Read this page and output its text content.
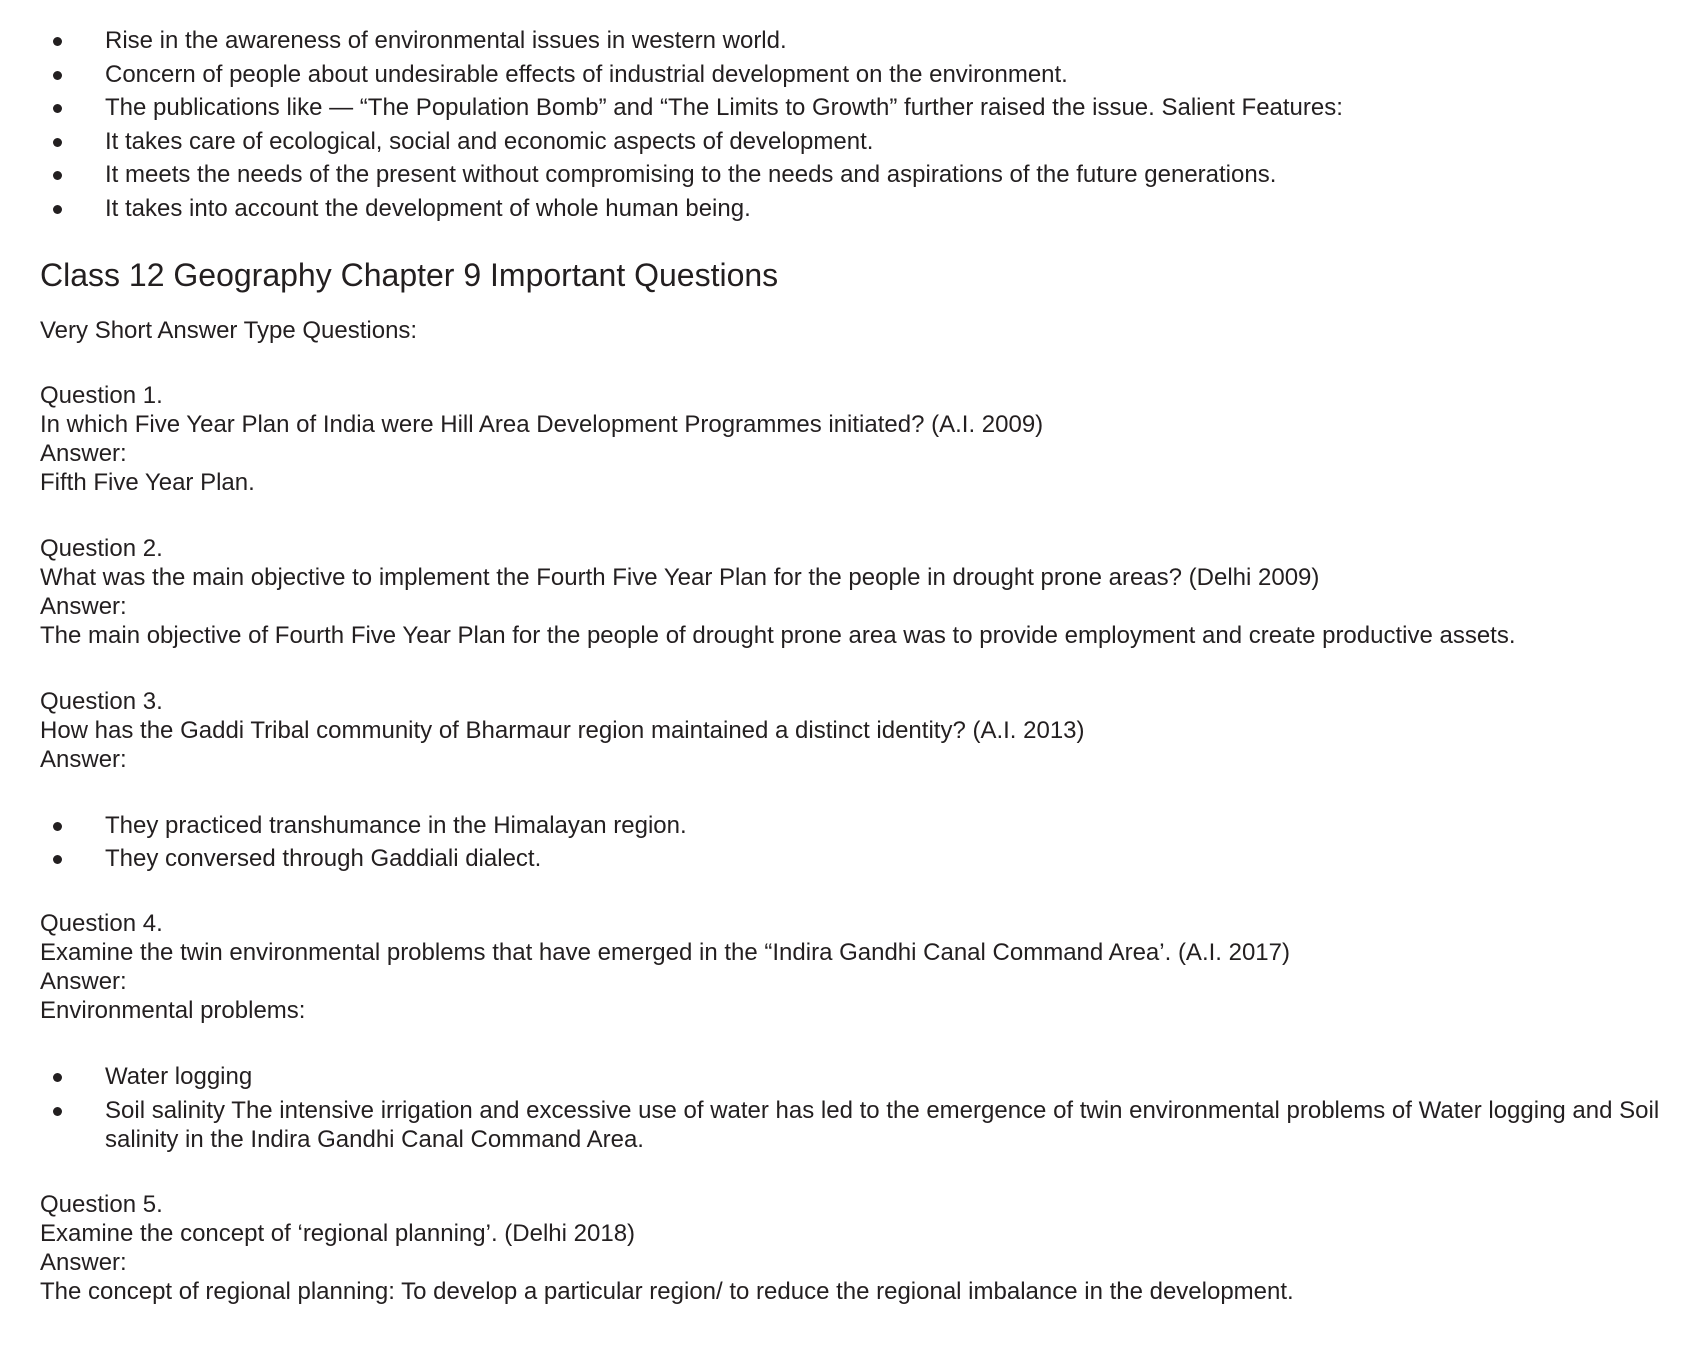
Rise in the awareness of environmental issues in western world.
Concern of people about undesirable effects of industrial development on the environment.
The publications like — “The Population Bomb” and “The Limits to Growth” further raised the issue. Salient Features:
It takes care of ecological, social and economic aspects of development.
It meets the needs of the present without compromising to the needs and aspirations of the future generations.
It takes into account the development of whole human being.
Class 12 Geography Chapter 9 Important Questions

Very Short Answer Type Questions:

Question 1.

In which Five Year Plan of India were Hill Area Development Programmes initiated? (A.I. 2009)

Answer:

Fifth Five Year Plan.

Question 2.

What was the main objective to implement the Fourth Five Year Plan for the people in drought prone areas? (Delhi 2009)

Answer:

The main objective of Fourth Five Year Plan for the people of drought prone area was to provide employment and create productive assets.

Question 3.

How has the Gaddi Tribal community of Bharmaur region maintained a distinct identity? (A.I. 2013)

Answer:

They practiced transhumance in the Himalayan region.
They conversed through Gaddiali dialect.

Question 4.

Examine the twin environmental problems that have emerged in the “Indira Gandhi Canal Command Area’. (A.I. 2017)

Answer:

Environmental problems:

Water logging
Soil salinity The intensive irrigation and excessive use of water has led to the emergence of twin environmental problems of Water logging and Soil salinity in the Indira Gandhi Canal Command Area.

Question 5.

Examine the concept of ‘regional planning’. (Delhi 2018)

Answer:

The concept of regional planning: To develop a particular region/ to reduce the regional imbalance in the development.
